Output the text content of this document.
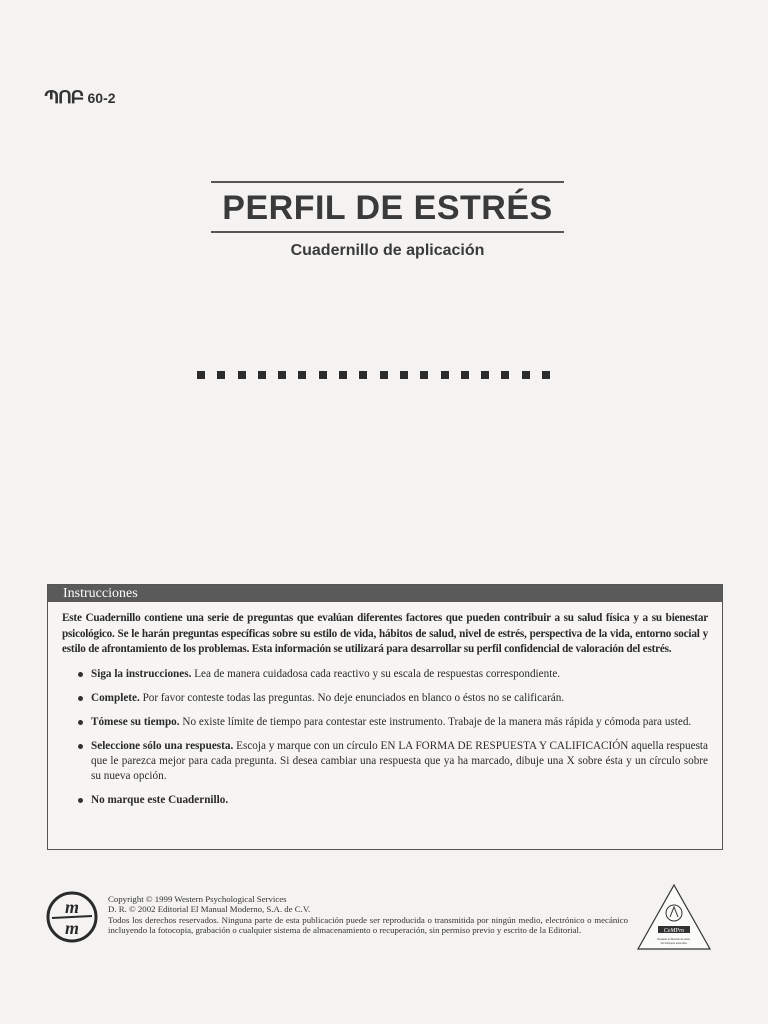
ՊՈԲ 60-2
PERFIL DE ESTRÉS
Cuadernillo de aplicación
Instrucciones
Este Cuadernillo contiene una serie de preguntas que evalúan diferentes factores que pueden contribuir a su salud física y a su bienestar psicológico. Se le harán preguntas específicas sobre su estilo de vida, hábitos de salud, nivel de estrés, perspectiva de la vida, entorno social y estilo de afrontamiento de los problemas. Esta información se utilizará para desarrollar su perfil confidencial de valoración del estrés.
Siga la instrucciones. Lea de manera cuidadosa cada reactivo y su escala de respuestas correspondiente.
Complete. Por favor conteste todas las preguntas. No deje enunciados en blanco o éstos no se calificarán.
Tómese su tiempo. No existe límite de tiempo para contestar este instrumento. Trabaje de la manera más rápida y cómoda para usted.
Seleccione sólo una respuesta. Escoja y marque con un círculo EN LA FORMA DE RESPUESTA Y CALIFICACIÓN aquella respuesta que le parezca mejor para cada pregunta. Si desea cambiar una respuesta que ya ha marcado, dibuje una X sobre ésta y un círculo sobre su nueva opción.
No marque este Cuadernillo.
m
m
Copyright © 1999 Western Psychological Services
D. R. © 2002 Editorial El Manual Moderno, S.A. de C.V.
Todos los derechos reservados. Ninguna parte de esta publicación puede ser reproducida o transmitida por ningún medio, electrónico o mecánico incluyendo la fotocopia, grabación o cualquier sistema de almacenamiento o recuperación, sin permiso previo y escrito de la Editorial.	CeMPro
Respete el derecho de autor.
No fotocopie esta obra.
